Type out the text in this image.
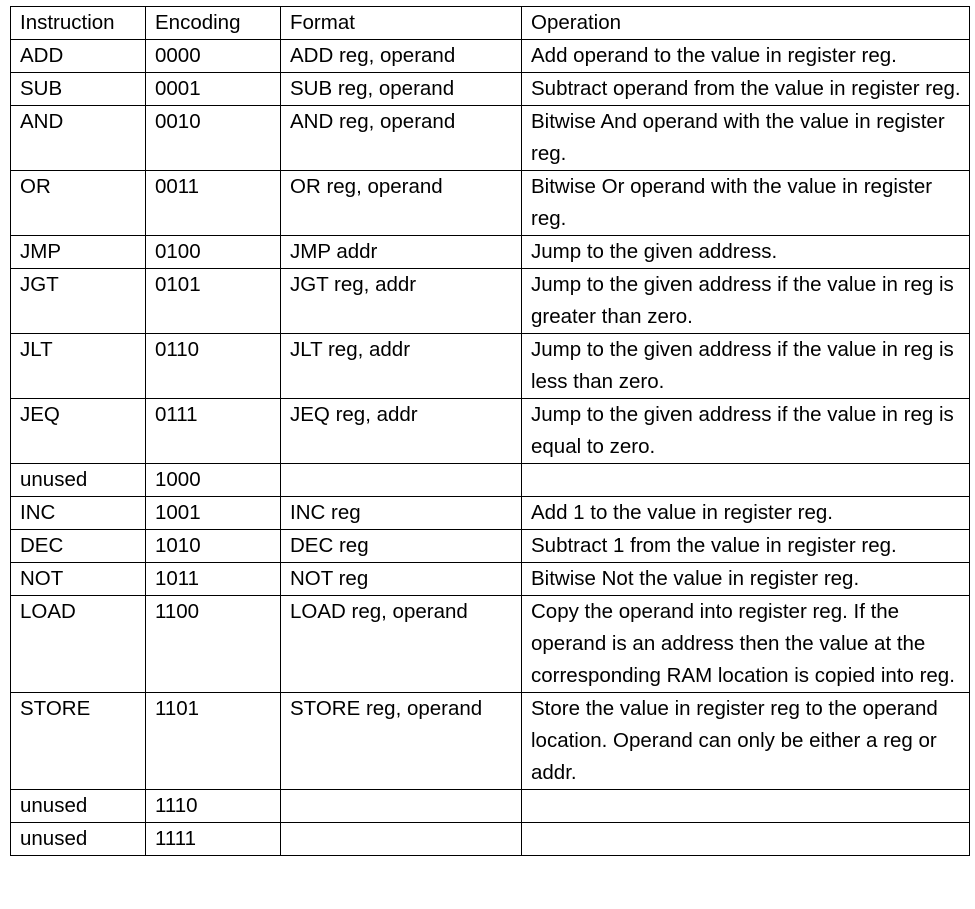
Instruction	Encoding	Format	Operation
ADD	0000	ADD reg, operand	Add operand to the value in register reg.
SUB	0001	SUB reg, operand	Subtract operand from the value in register reg.
AND	0010	AND reg, operand	Bitwise And operand with the value in register reg.
OR	0011	OR reg, operand	Bitwise Or operand with the value in register reg.
JMP	0100	JMP addr	Jump to the given address.
JGT	0101	JGT reg, addr	Jump to the given address if the value in reg is greater than zero.
JLT	0110	JLT reg, addr	Jump to the given address if the value in reg is less than zero.
JEQ	0111	JEQ reg, addr	Jump to the given address if the value in reg is equal to zero.
unused	1000		
INC	1001	INC reg	Add 1 to the value in register reg.
DEC	1010	DEC reg	Subtract 1 from the value in register reg.
NOT	1011	NOT reg	Bitwise Not the value in register reg.
LOAD	1100	LOAD reg, operand	Copy the operand into register reg. If the operand is an address then the value at the corresponding RAM location is copied into reg.
STORE	1101	STORE reg, operand	Store the value in register reg to the operand location. Operand can only be either a reg or addr.
unused	1110		
unused	1111		
